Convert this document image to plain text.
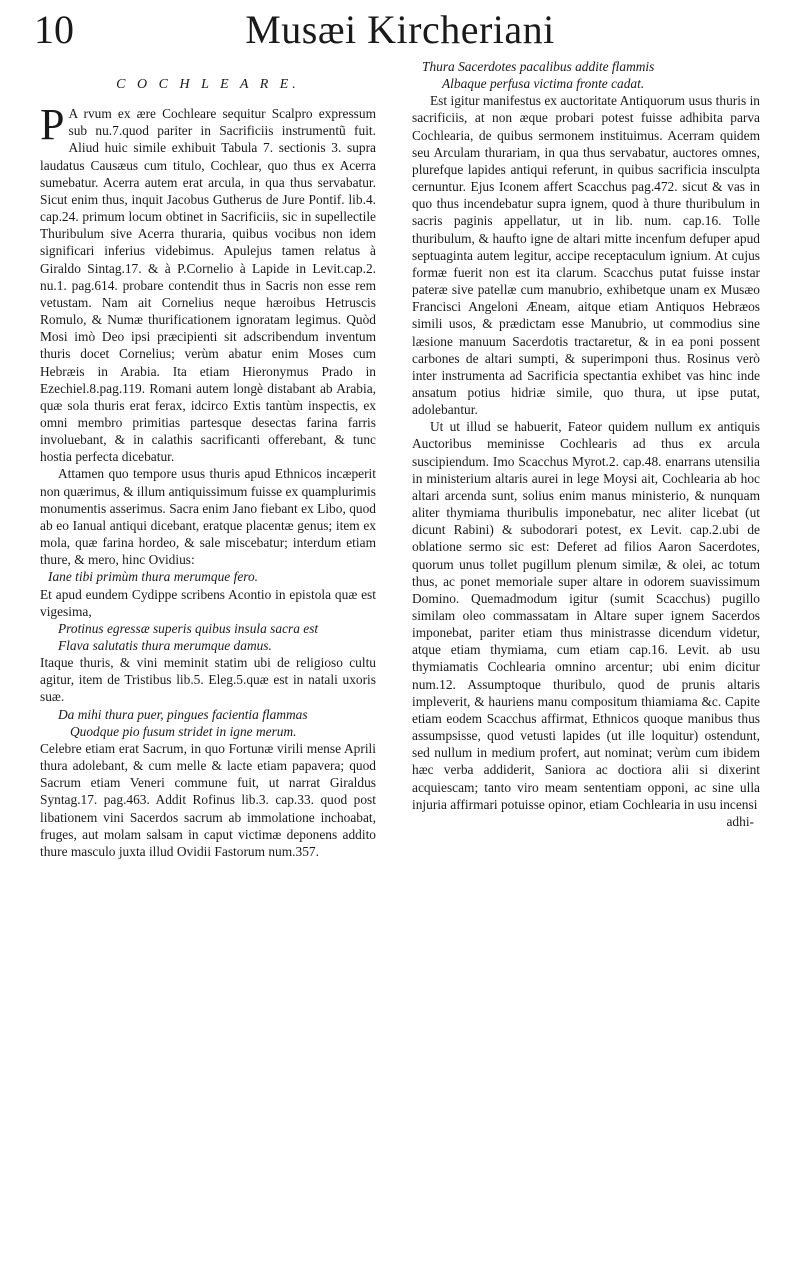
10	Musæi Kircheriani
C O C H L E A R E.

P A rvum ex ære Cochleare sequitur Scalpro expressum sub nu.7.quod pariter in Sacrificiis instrumentũ fuit. Aliud huic simile exhibuit Tabula 7. sectionis 3. supra laudatus Causæus cum titulo, Cochlear, quo thus ex Acerra sumebatur. Acerra autem erat arcula, in qua thus servabatur. Sicut enim thus, inquit Jacobus Gutherus de Jure Pontif. lib.4. cap.24. primum locum obtinet in Sacrificiis, sic in supellectile Thuribulum sive Acerra thuraria, quibus vocibus non idem significari inferius videbimus. Apulejus tamen relatus à Giraldo Sintag.17. & à P.Cornelio à Lapide in Levit.cap.2. nu.1. pag.614. probare contendit thus in Sacris non esse rem vetustam. Nam ait Cornelius neque hæroibus Hetruscis Romulo, & Numæ thurificationem ignoratam legimus. Quòd Mosi imò Deo ipsi præcipienti sit adscribendum inventum thuris docet Cornelius; verùm abatur enim Moses cum Hebræis in Arabia. Ita etiam Hieronymus Prado in Ezechiel.8.pag.119. Romani autem longè distabant ab Arabia, quæ sola thuris erat ferax, idcirco Extis tantùm inspectis, ex omni membro primitias partesque desectas farina farris involuebant, & in calathis sacrificanti offerebant, & tunc hostia perfecta dicebatur.

Attamen quo tempore usus thuris apud Ethnicos incæperit non quærimus, & illum antiquissimum fuisse ex quamplurimis monumentis asserimus. Sacra enim Jano fiebant ex Libo, quod ab eo Ianual antiqui dicebant, eratque placentæ genus; item ex mola, quæ farina hordeo, & sale miscebatur; interdum etiam thure, & mero, hinc Ovidius:

Iane tibi primùm thura merumque fero.

Et apud eundem Cydippe scribens Acontio in epistola quæ est vigesima,

Protinus egressæ superis quibus insula sacra est

Flava salutatis thura merumque damus.

Itaque thuris, & vini meminit statim ubi de religioso cultu agitur, item de Tristibus lib.5. Eleg.5.quæ est in natali uxoris suæ.

Da mihi thura puer, pingues facientia flammas

Quodque pio fusum stridet in igne merum.

Celebre etiam erat Sacrum, in quo Fortunæ virili mense Aprili thura adolebant, & cum melle & lacte etiam papavera; quod Sacrum etiam Veneri commune fuit, ut narrat Giraldus Syntag.17. pag.463. Addit Rofinus lib.3. cap.33. quod post libationem vini Sacerdos sacrum ab immolatione inchoabat, fruges, aut molam salsam in caput victimæ deponens addito thure masculo juxta illud Ovidii Fastorum num.357.

Thura Sacerdotes pacalibus addite flammis

Albaque perfusa victima fronte cadat.

Est igitur manifestus ex auctoritate Antiquorum usus thuris in sacrificiis, at non æque probari potest fuisse adhibita parva Cochlearia, de quibus sermonem instituimus. Acerram quidem seu Arculam thurariam, in qua thus servabatur, auctores omnes, plurefque lapides antiqui referunt, in quibus sacrificia insculpta cernuntur. Ejus Iconem affert Scacchus pag.472. sicut & vas in quo thus incendebatur supra ignem, quod à thure thuribulum in sacris paginis appellatur, ut in lib. num. cap.16. Tolle thuribulum, & haufto igne de altari mitte incenfum defuper apud septuaginta autem legitur, accipe receptaculum ignium. At cujus formæ fuerit non est ita clarum. Scacchus putat fuisse instar pateræ sive patellæ cum manubrio, exhibetque unam ex Musæo Francisci Angeloni Æneam, aitque etiam Antiquos Hebræos simili usos, & prædictam esse Manubrio, ut commodius sine læsione manuum Sacerdotis tractaretur, & in ea poni possent carbones de altari sumpti, & superimponi thus. Rosinus verò inter instrumenta ad Sacrificia spectantia exhibet vas hinc inde ansatum potius hidriæ simile, quo thura, ut ipse putat, adolebantur.

Ut ut illud se habuerit, Fateor quidem nullum ex antiquis Auctoribus meminisse Cochlearis ad thus ex arcula suscipiendum. Imo Scacchus Myrot.2. cap.48. enarrans utensilia in ministerium altaris aurei in lege Moysi ait, Cochlearia ab hoc altari arcenda sunt, solius enim manus ministerio, & nunquam aliter thymiama thuribulis imponebatur, nec aliter licebat (ut dicunt Rabini) & subodorari potest, ex Levit. cap.2.ubi de oblatione sermo sic est: Deferet ad filios Aaron Sacerdotes, quorum unus tollet pugillum plenum similæ, & olei, ac totum thus, ac ponet memoriale super altare in odorem suavissimum Domino. Quemadmodum igitur (sumit Scacchus) pugillo similam oleo commassatam in Altare super ignem Sacerdos imponebat, pariter etiam thus ministrasse dicendum videtur, atque etiam thymiama, cum etiam cap.16. Levit. ab usu thymiamatis Cochlearia omnino arcentur; ubi enim dicitur num.12. Assumptoque thuribulo, quod de prunis altaris impleverit, & hauriens manu compositum thiamiama &c. Capite etiam eodem Scacchus affirmat, Ethnicos quoque manibus thus assumpsisse, quod vetusti lapides (ut ille loquitur) ostendunt, sed nullum in medium profert, aut nominat; verùm cum ibidem hæc verba addiderit, Saniora ac doctiora alii si dixerint acquiescam; tanto viro meam sententiam opponi, ac sine ulla injuria affirmari potuisse opinor, etiam Cochlearia in usu incensi

adhi-
